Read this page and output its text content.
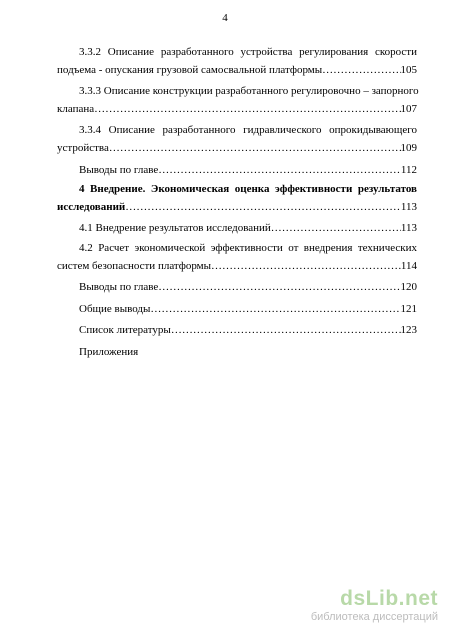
4
3.3.2 Описание разработанного устройства регулирования скорости
подъема - опускания грузовой самосвальной платформы ……………………………………………………………………………………………………………………………………………………	105
3.3.3 Описание конструкции разработанного регулировочно – запорного
клапана ……………………………………………………………………………………………………………………………………………………	107
3.3.4 Описание разработанного гидравлического опрокидывающего
устройства ……………………………………………………………………………………………………………………………………………………	109
Выводы по главе ……………………………………………………………………………………………………………………………………………………	112
4 Внедрение. Экономическая оценка эффективности результатов
исследований ……………………………………………………………………………………………………………………………………………………	113
4.1 Внедрение результатов исследований ……………………………………………………………………………………………………………………………………………………	113
4.2 Расчет экономической эффективности от внедрения технических
систем безопасности платформы ……………………………………………………………………………………………………………………………………………………	114
Выводы по главе ……………………………………………………………………………………………………………………………………………………	120
Общие выводы ……………………………………………………………………………………………………………………………………………………	121
Список литературы ……………………………………………………………………………………………………………………………………………………	123
Приложения
dsLib.net
библиотека диссертаций
